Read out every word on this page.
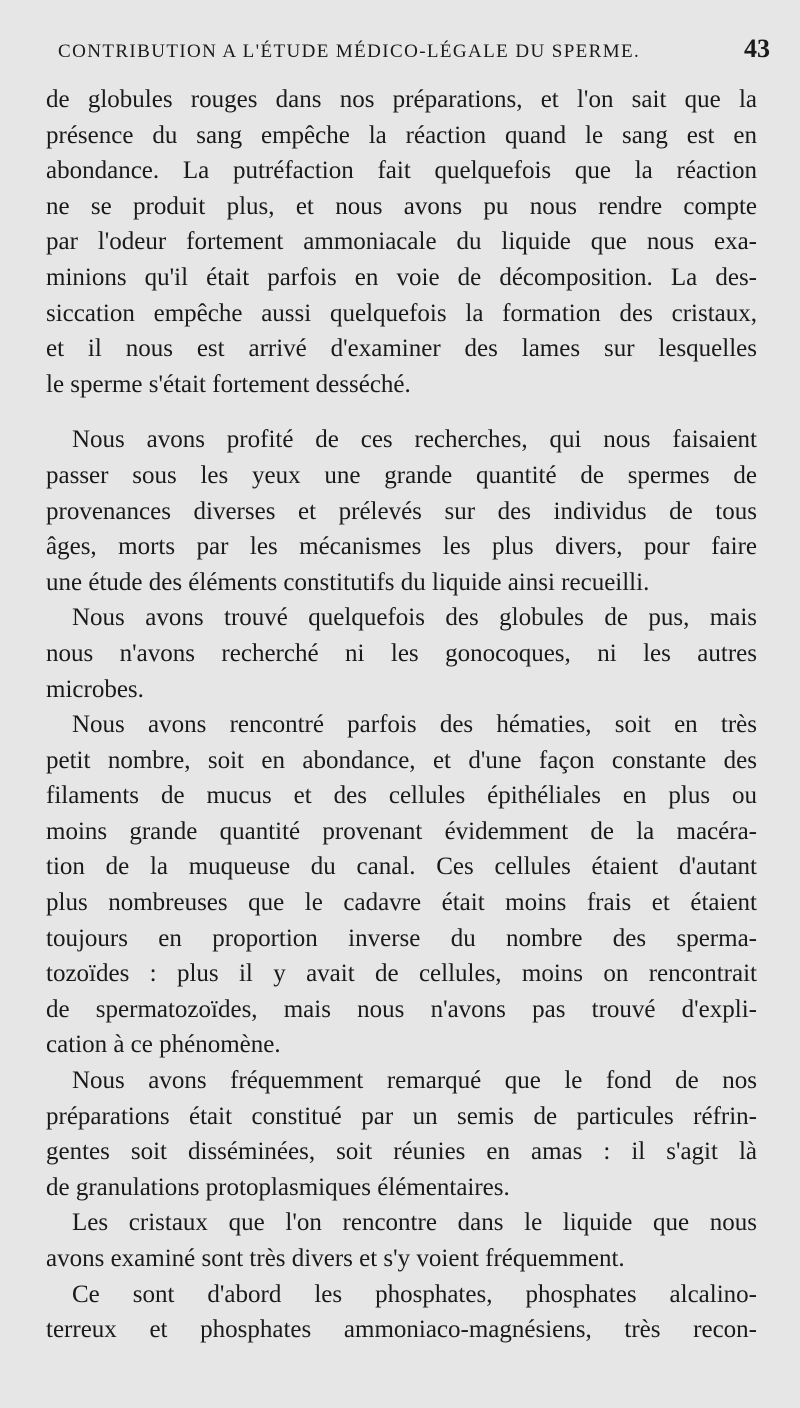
CONTRIBUTION A L'ÉTUDE MÉDICO-LÉGALE DU SPERME.	43

de globules rouges dans nos préparations, et l'on sait que la
présence du sang empêche la réaction quand le sang est en
abondance. La putréfaction fait quelquefois que la réaction
ne se produit plus, et nous avons pu nous rendre compte
par l'odeur fortement ammoniacale du liquide que nous exa-
minions qu'il était parfois en voie de décomposition. La des-
siccation empêche aussi quelquefois la formation des cristaux,
et il nous est arrivé d'examiner des lames sur lesquelles
le sperme s'était fortement desséché.

Nous avons profité de ces recherches, qui nous faisaient
passer sous les yeux une grande quantité de spermes de
provenances diverses et prélevés sur des individus de tous
âges, morts par les mécanismes les plus divers, pour faire
une étude des éléments constitutifs du liquide ainsi recueilli.

Nous avons trouvé quelquefois des globules de pus, mais
nous n'avons recherché ni les gonocoques, ni les autres
microbes.

Nous avons rencontré parfois des hématies, soit en très
petit nombre, soit en abondance, et d'une façon constante des
filaments de mucus et des cellules épithéliales en plus ou
moins grande quantité provenant évidemment de la macéra-
tion de la muqueuse du canal. Ces cellules étaient d'autant
plus nombreuses que le cadavre était moins frais et étaient
toujours en proportion inverse du nombre des sperma-
tozoïdes : plus il y avait de cellules, moins on rencontrait
de spermatozoïdes, mais nous n'avons pas trouvé d'expli-
cation à ce phénomène.

Nous avons fréquemment remarqué que le fond de nos
préparations était constitué par un semis de particules réfrin-
gentes soit disséminées, soit réunies en amas : il s'agit là
de granulations protoplasmiques élémentaires.

Les cristaux que l'on rencontre dans le liquide que nous
avons examiné sont très divers et s'y voient fréquemment.

Ce sont d'abord les phosphates, phosphates alcalino-
terreux et phosphates ammoniaco-magnésiens, très recon-
